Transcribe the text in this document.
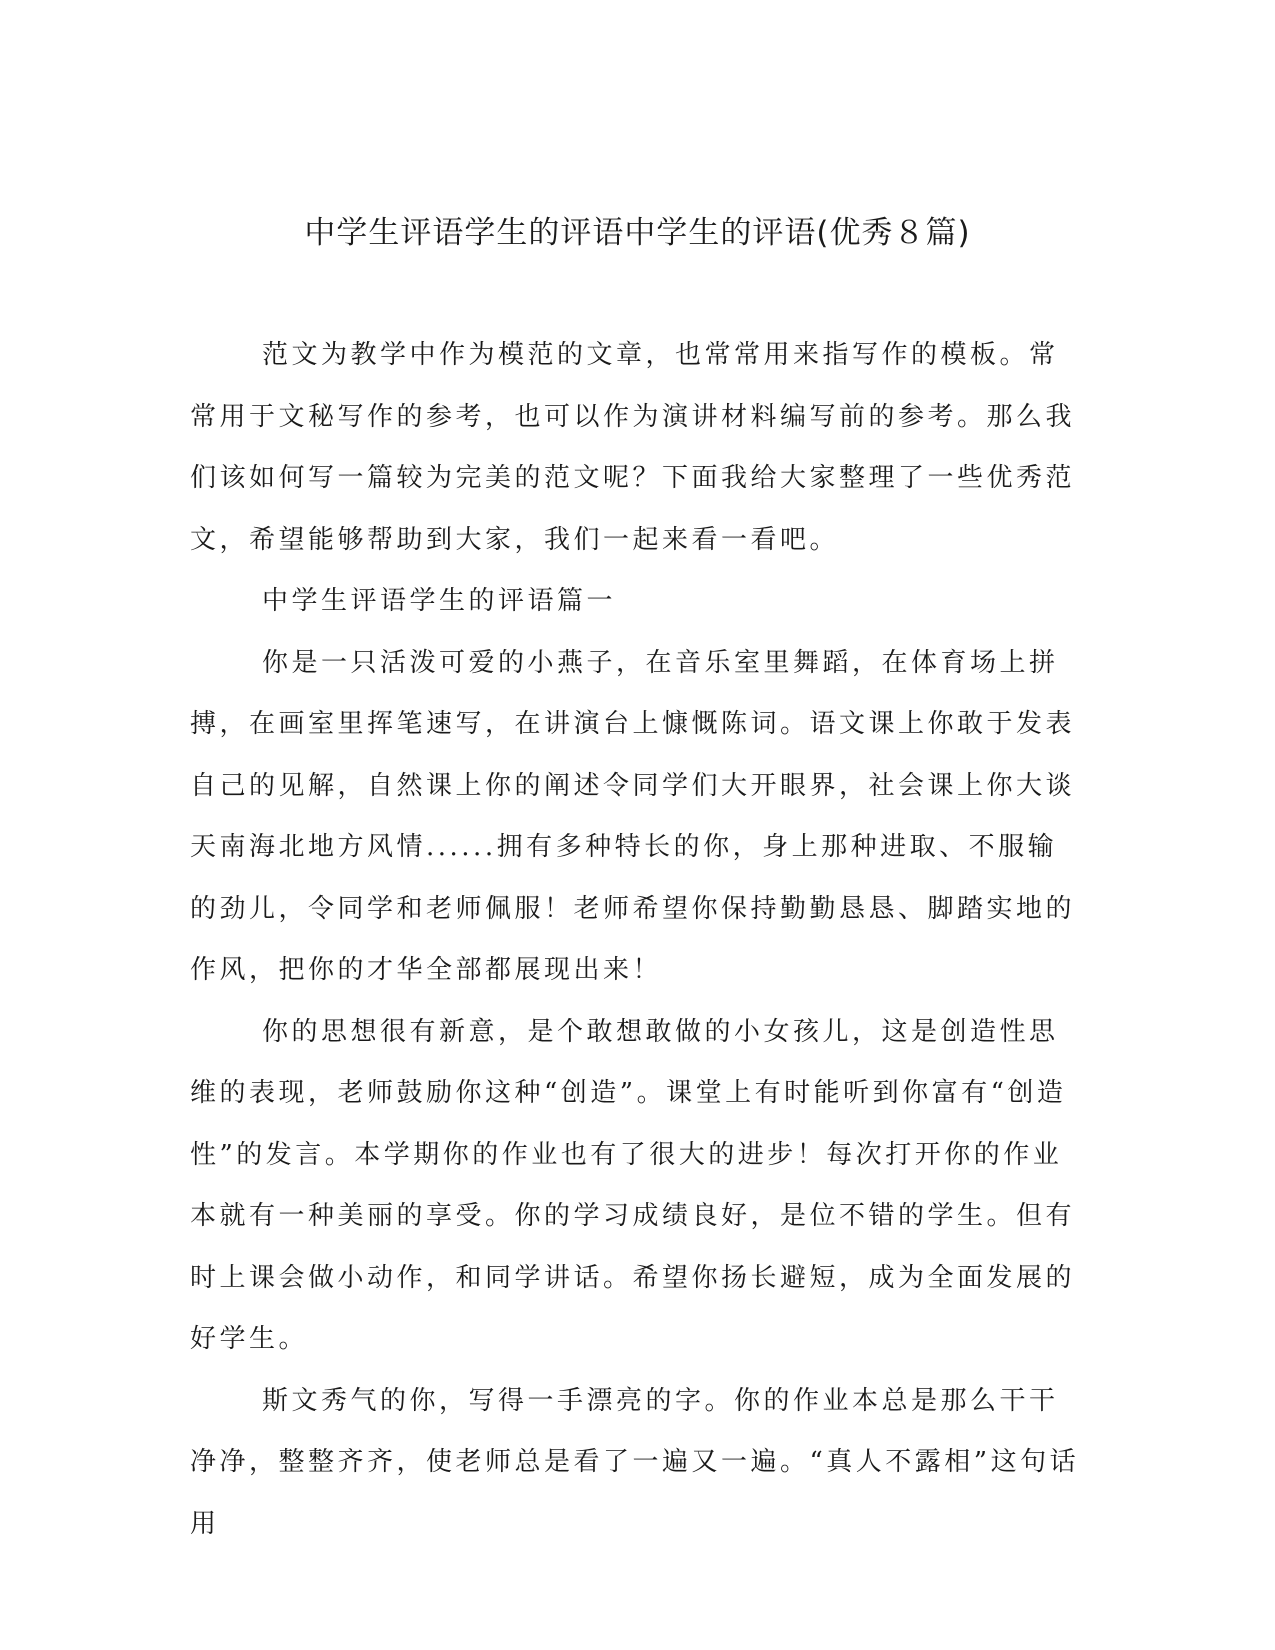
中学生评语学生的评语中学生的评语(优秀８篇)

范文为教学中作为模范的文章，也常常用来指写作的模板。常常用于文秘写作的参考，也可以作为演讲材料编写前的参考。那么我们该如何写一篇较为完美的范文呢？下面我给大家整理了一些优秀范文，希望能够帮助到大家，我们一起来看一看吧。

中学生评语学生的评语篇一

你是一只活泼可爱的小燕子，在音乐室里舞蹈，在体育场上拼搏，在画室里挥笔速写，在讲演台上慷慨陈词。语文课上你敢于发表自己的见解，自然课上你的阐述令同学们大开眼界，社会课上你大谈天南海北地方风情......拥有多种特长的你，身上那种进取、不服输的劲儿，令同学和老师佩服！老师希望你保持勤勤恳恳、脚踏实地的作风，把你的才华全部都展现出来！

你的思想很有新意，是个敢想敢做的小女孩儿，这是创造性思维的表现，老师鼓励你这种“创造”。课堂上有时能听到你富有“创造性”的发言。本学期你的作业也有了很大的进步！每次打开你的作业本就有一种美丽的享受。你的学习成绩良好，是位不错的学生。但有时上课会做小动作，和同学讲话。希望你扬长避短，成为全面发展的好学生。

斯文秀气的你，写得一手漂亮的字。你的作业本总是那么干干净净，整整齐齐，使老师总是看了一遍又一遍。“真人不露相”这句话用
